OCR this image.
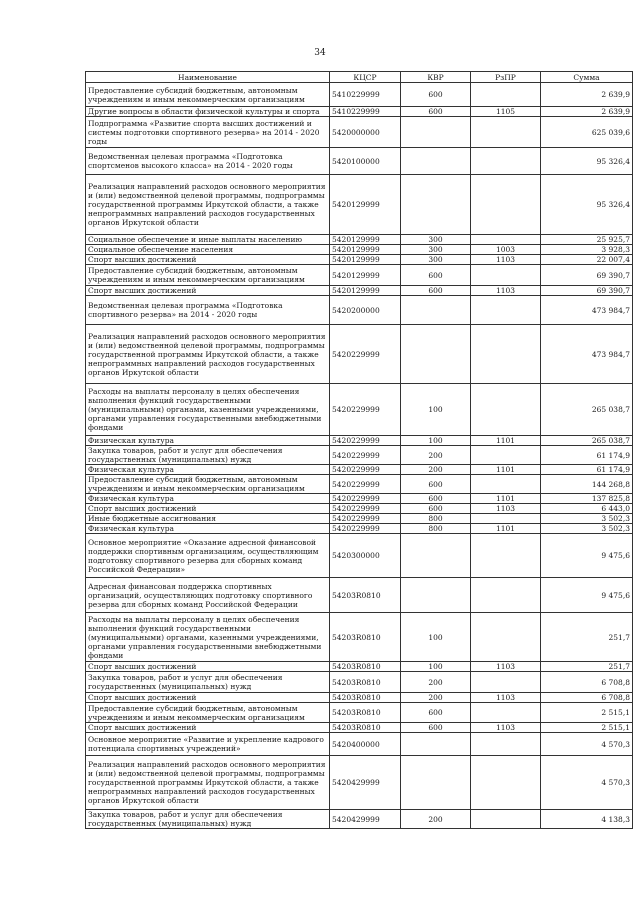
34
Наименование	КЦСР	КВР	РзПР	Сумма
Предоставление субсидий бюджетным, автономным учреждениям и иным некоммерческим организациям	5410229999	600		2 639,9
Другие вопросы в области физической культуры и спорта	5410229999	600	1105	2 639,9
Подпрограмма «Развитие спорта высших достижений и системы подготовки спортивного резерва» на 2014 - 2020 годы	5420000000			625 039,6
Ведомственная целевая программа «Подготовка спортсменов высокого класса» на 2014 - 2020 годы	5420100000			95 326,4
Реализация направлений расходов основного мероприятия и (или) ведомственной целевой программы, подпрограммы государственной программы Иркутской области, а также непрограммных направлений расходов государственных органов Иркутской области	5420129999			95 326,4
Социальное обеспечение и иные выплаты населению	5420129999	300		25 925,7
Социальное обеспечение населения	5420129999	300	1003	3 928,3
Спорт высших достижений	5420129999	300	1103	22 007,4
Предоставление субсидий бюджетным, автономным учреждениям и иным некоммерческим организациям	5420129999	600		69 390,7
Спорт высших достижений	5420129999	600	1103	69 390,7
Ведомственная целевая программа «Подготовка спортивного резерва» на 2014 - 2020 годы	5420200000			473 984,7
Реализация направлений расходов основного мероприятия и (или) ведомственной целевой программы, подпрограммы государственной программы Иркутской области, а также непрограммных направлений расходов государственных органов Иркутской области	5420229999			473 984,7
Расходы на выплаты персоналу в целях обеспечения выполнения функций государственными (муниципальными) органами, казенными учреждениями, органами управления государственными внебюджетными фондами	5420229999	100		265 038,7
Физическая культура	5420229999	100	1101	265 038,7
Закупка товаров, работ и услуг для обеспечения государственных (муниципальных) нужд	5420229999	200		61 174,9
Физическая культура	5420229999	200	1101	61 174,9
Предоставление субсидий бюджетным, автономным учреждениям и иным некоммерческим организациям	5420229999	600		144 268,8
Физическая культура	5420229999	600	1101	137 825,8
Спорт высших достижений	5420229999	600	1103	6 443,0
Иные бюджетные ассигнования	5420229999	800		3 502,3
Физическая культура	5420229999	800	1101	3 502,3
Основное мероприятие «Оказание адресной финансовой поддержки спортивным организациям, осуществляющим подготовку спортивного резерва для сборных команд Российской Федерации»	5420300000			9 475,6
Адресная финансовая поддержка спортивных организаций, осуществляющих подготовку спортивного резерва для сборных команд Российской Федерации	54203R0810			9 475,6
Расходы на выплаты персоналу в целях обеспечения выполнения функций государственными (муниципальными) органами, казенными учреждениями, органами управления государственными внебюджетными фондами	54203R0810	100		251,7
Спорт высших достижений	54203R0810	100	1103	251,7
Закупка товаров, работ и услуг для обеспечения государственных (муниципальных) нужд	54203R0810	200		6 708,8
Спорт высших достижений	54203R0810	200	1103	6 708,8
Предоставление субсидий бюджетным, автономным учреждениям и иным некоммерческим организациям	54203R0810	600		2 515,1
Спорт высших достижений	54203R0810	600	1103	2 515,1
Основное мероприятие «Развитие и укрепление кадрового потенциала спортивных учреждений»	5420400000			4 570,3
Реализация направлений расходов основного мероприятия и (или) ведомственной целевой программы, подпрограммы государственной программы Иркутской области, а также непрограммных направлений расходов государственных органов Иркутской области	5420429999			4 570,3
Закупка товаров, работ и услуг для обеспечения государственных (муниципальных) нужд	5420429999	200		4 138,3
